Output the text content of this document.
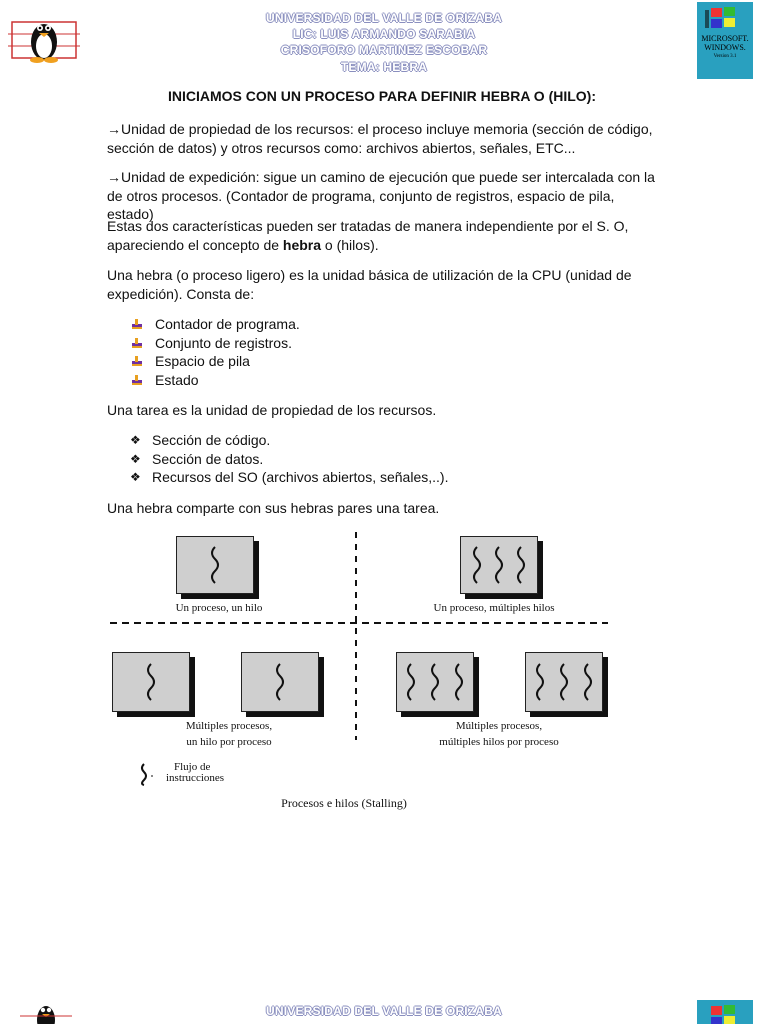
UNIVERSIDAD DEL VALLE DE ORIZABA
LIC: LUIS ARMANDO SARABIA
CRISOFORO MARTINEZ ESCOBAR
TEMA: HEBRA
MICROSOFT.
WINDOWS.
Version 3.1
INICIAMOS CON UN PROCESO PARA DEFINIR HEBRA O (HILO):
→Unidad de propiedad de los recursos: el proceso incluye memoria (sección de código, sección de datos) y otros recursos como: archivos abiertos, señales, ETC...
→Unidad de expedición: sigue un camino de ejecución que puede ser intercalada con la de otros procesos. (Contador de programa, conjunto de registros, espacio de pila, estado)
Estas dos características pueden ser tratadas de manera independiente por el S. O, apareciendo el concepto de hebra o (hilos).
Una hebra (o proceso ligero) es la unidad básica de utilización de la CPU (unidad de expedición). Consta de:
Contador de programa.
Conjunto de registros.
Espacio de pila
Estado
Una tarea es la unidad de propiedad de los recursos.
❖ Sección de código.
❖ Sección de datos.
❖ Recursos del SO (archivos abiertos, señales,..).
Una hebra comparte con sus hebras pares una tarea.
Un proceso, un hilo	Un proceso, múltiples hilos
Múltiples procesos,
un hilo por proceso
Múltiples procesos,
múltiples hilos por proceso
Flujo de
instrucciones
Procesos e hilos (Stalling)
UNIVERSIDAD DEL VALLE DE ORIZABA
